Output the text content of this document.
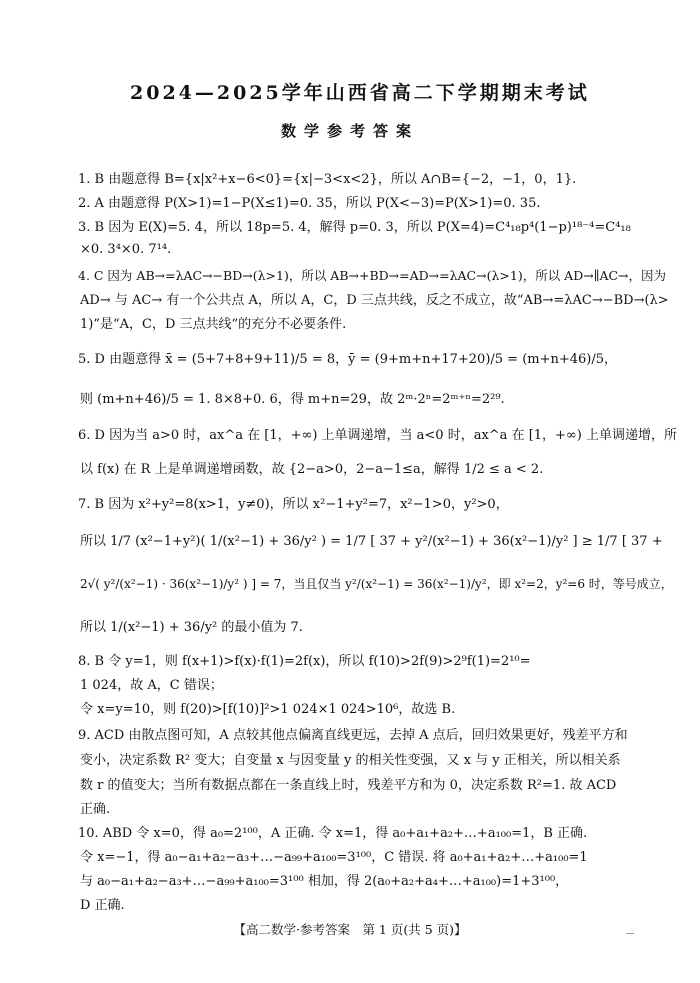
2024—2025学年山西省高二下学期期末考试
数学参考答案
1. B 由题意得 B={x|x²+x−6<0}={x|−3<x<2}，所以 A∩B={−2，−1，0，1}.
2. A 由题意得 P(X>1)=1−P(X≤1)=0. 35，所以 P(X<−3)=P(X>1)=0. 35.
3. B 因为 E(X)=5. 4，所以 18p=5. 4，解得 p=0. 3，所以 P(X=4)=C⁴₁₈p⁴(1−p)¹⁸⁻⁴=C⁴₁₈
×0. 3⁴×0. 7¹⁴.
4. C 因为 AB→=λAC→−BD→(λ>1)，所以 AB→+BD→=AD→=λAC→(λ>1)，所以 AD→∥AC→，因为
AD→ 与 AC→ 有一个公共点 A，所以 A，C，D 三点共线，反之不成立，故“AB→=λAC→−BD→(λ>
1)”是“A，C，D 三点共线”的充分不必要条件.
5. D 由题意得 x̄ = (5+7+8+9+11)/5 = 8，ȳ = (9+m+n+17+20)/5 = (m+n+46)/5，
则 (m+n+46)/5 = 1. 8×8+0. 6，得 m+n=29，故 2ᵐ·2ⁿ=2ᵐ⁺ⁿ=2²⁹.
6. D 因为当 a>0 时，ax^a 在 [1，+∞) 上单调递增，当 a<0 时，ax^a 在 [1，+∞) 上单调递增，所
以 f(x) 在 R 上是单调递增函数，故 {2−a>0，2−a−1≤a，解得 1/2 ≤ a < 2.
7. B 因为 x²+y²=8(x>1，y≠0)，所以 x²−1+y²=7，x²−1>0，y²>0，
所以 1/7 (x²−1+y²)( 1/(x²−1) + 36/y² ) = 1/7 [ 37 + y²/(x²−1) + 36(x²−1)/y² ] ≥ 1/7 [ 37 +
2√( y²/(x²−1) · 36(x²−1)/y² ) ] = 7，当且仅当 y²/(x²−1) = 36(x²−1)/y²，即 x²=2，y²=6 时，等号成立，
所以 1/(x²−1) + 36/y² 的最小值为 7.
8. B 令 y=1，则 f(x+1)>f(x)·f(1)=2f(x)，所以 f(10)>2f(9)>2⁹f(1)=2¹⁰=
1 024，故 A，C 错误；
令 x=y=10，则 f(20)>[f(10)]²>1 024×1 024>10⁶，故选 B.
9. ACD 由散点图可知，A 点较其他点偏离直线更远，去掉 A 点后，回归效果更好，残差平方和
变小，决定系数 R² 变大；自变量 x 与因变量 y 的相关性变强，又 x 与 y 正相关，所以相关系
数 r 的值变大；当所有数据点都在一条直线上时，残差平方和为 0，决定系数 R²=1. 故 ACD
正确.
10. ABD 令 x=0，得 a₀=2¹⁰⁰，A 正确. 令 x=1，得 a₀+a₁+a₂+…+a₁₀₀=1，B 正确.
令 x=−1，得 a₀−a₁+a₂−a₃+…−a₉₉+a₁₀₀=3¹⁰⁰，C 错误. 将 a₀+a₁+a₂+…+a₁₀₀=1
与 a₀−a₁+a₂−a₃+…−a₉₉+a₁₀₀=3¹⁰⁰ 相加，得 2(a₀+a₂+a₄+…+a₁₀₀)=1+3¹⁰⁰，
D 正确.
【高二数学·参考答案　第 1 页(共 5 页)】
